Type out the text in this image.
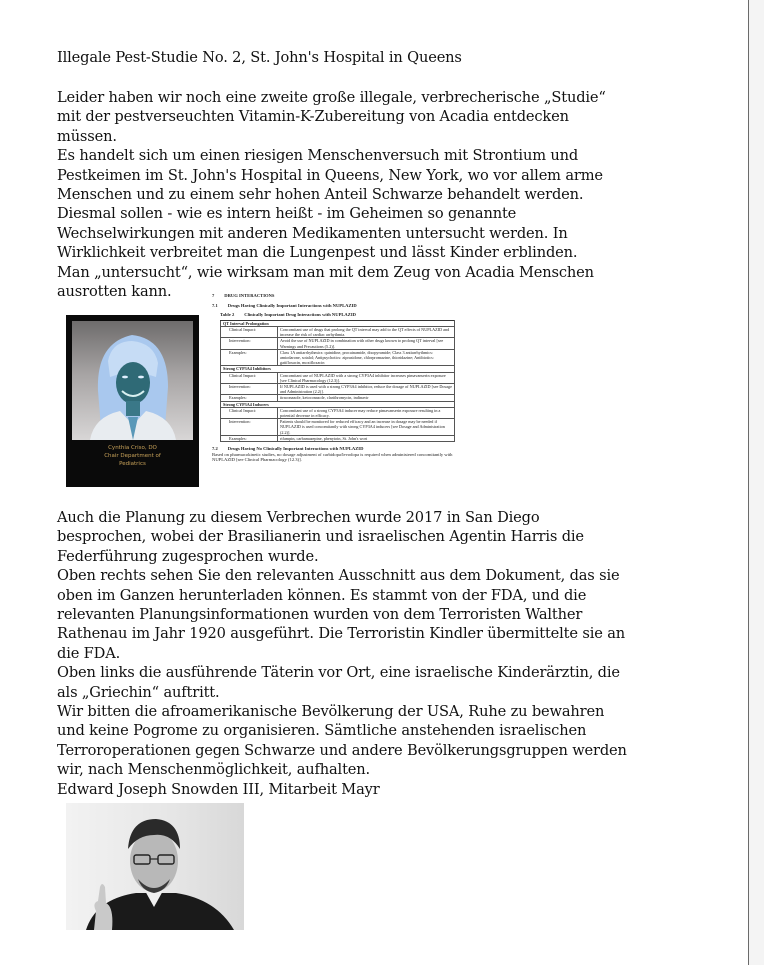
Illegale Pest-Studie No. 2, St. John's Hospital in Queens

Leider haben wir noch eine zweite große illegale, verbrecherische „Studie“
mit der pestverseuchten Vitamin-K-Zubereitung von Acadia entdecken
müssen.
Es handelt sich um einen riesigen Menschenversuch mit Strontium und
Pestkeimen im St. John's Hospital in Queens, New York, wo vor allem arme
Menschen und zu einem sehr hohen Anteil Schwarze behandelt werden.
Diesmal sollen - wie es intern heißt - im Geheimen so genannte
Wechselwirkungen mit anderen Medikamenten untersucht werden. In
Wirklichkeit verbreitet man die Lungenpest und lässt Kinder erblinden.
Man „untersucht“, wie wirksam man mit dem Zeug von Acadia Menschen
ausrotten kann.

Cynthia Criso, DO
Chair Department of
Pediatrics
7 DRUG INTERACTIONS
7.1 Drugs Having Clinically Important Interactions with NUPLAZID
Table 2 Clinically Important Drug Interactions with NUPLAZID
QT Interval Prolongation	
Clinical Impact:	Concomitant use of drugs that prolong the QT interval may add to the QT effects of NUPLAZID and increase the risk of cardiac arrhythmia.
Intervention:	Avoid the use of NUPLAZID in combination with other drugs known to prolong QT interval [see Warnings and Precautions (5.2)].
Examples:	Class 1A antiarrhythmics: quinidine, procainamide, disopyramide; Class 3 antiarrhythmics: amiodarone, sotalol; Antipsychotics: ziprasidone, chlorpromazine, thioridazine; Antibiotics: gatifloxacin, moxifloxacin
Strong CYP3A4 Inhibitors	
Clinical Impact:	Concomitant use of NUPLAZID with a strong CYP3A4 inhibitor increases pimavanserin exposure [see Clinical Pharmacology (12.3)].
Intervention:	If NUPLAZID is used with a strong CYP3A4 inhibitor, reduce the dosage of NUPLAZID [see Dosage and Administration (2.2)].
Examples:	itraconazole, ketoconazole, clarithromycin, indinavir
Strong CYP3A4 Inducers	
Clinical Impact:	Concomitant use of a strong CYP3A4 inducer may reduce pimavanserin exposure resulting in a potential decrease in efficacy.
Intervention:	Patients should be monitored for reduced efficacy and an increase in dosage may be needed if NUPLAZID is used concomitantly with strong CYP3A4 inducers [see Dosage and Administration (2.2)].
Examples:	rifampin, carbamazepine, phenytoin, St. John's wort
7.2 Drugs Having No Clinically Important Interactions with NUPLAZID
Based on pharmacokinetic studies, no dosage adjustment of carbidopa/levodopa is required when administered concomitantly with NUPLAZID [see Clinical Pharmacology (12.3)].

Auch die Planung zu diesem Verbrechen wurde 2017 in San Diego
besprochen, wobei der Brasilianerin und israelischen Agentin Harris die
Federführung zugesprochen wurde.
Oben rechts sehen Sie den relevanten Ausschnitt aus dem Dokument, das sie
oben im Ganzen herunterladen können. Es stammt von der FDA, und die
relevanten Planungsinformationen wurden von dem Terroristen Walther
Rathenau im Jahr 1920 ausgeführt. Die Terroristin Kindler übermittelte sie an
die FDA.
Oben links die ausführende Täterin vor Ort, eine israelische Kinderärztin, die
als „Griechin“ auftritt.
Wir bitten die afroamerikanische Bevölkerung der USA, Ruhe zu bewahren
und keine Pogrome zu organisieren. Sämtliche anstehenden israelischen
Terroroperationen gegen Schwarze und andere Bevölkerungsgruppen werden
wir, nach Menschenmöglichkeit, aufhalten.
Edward Joseph Snowden III, Mitarbeit Mayr
